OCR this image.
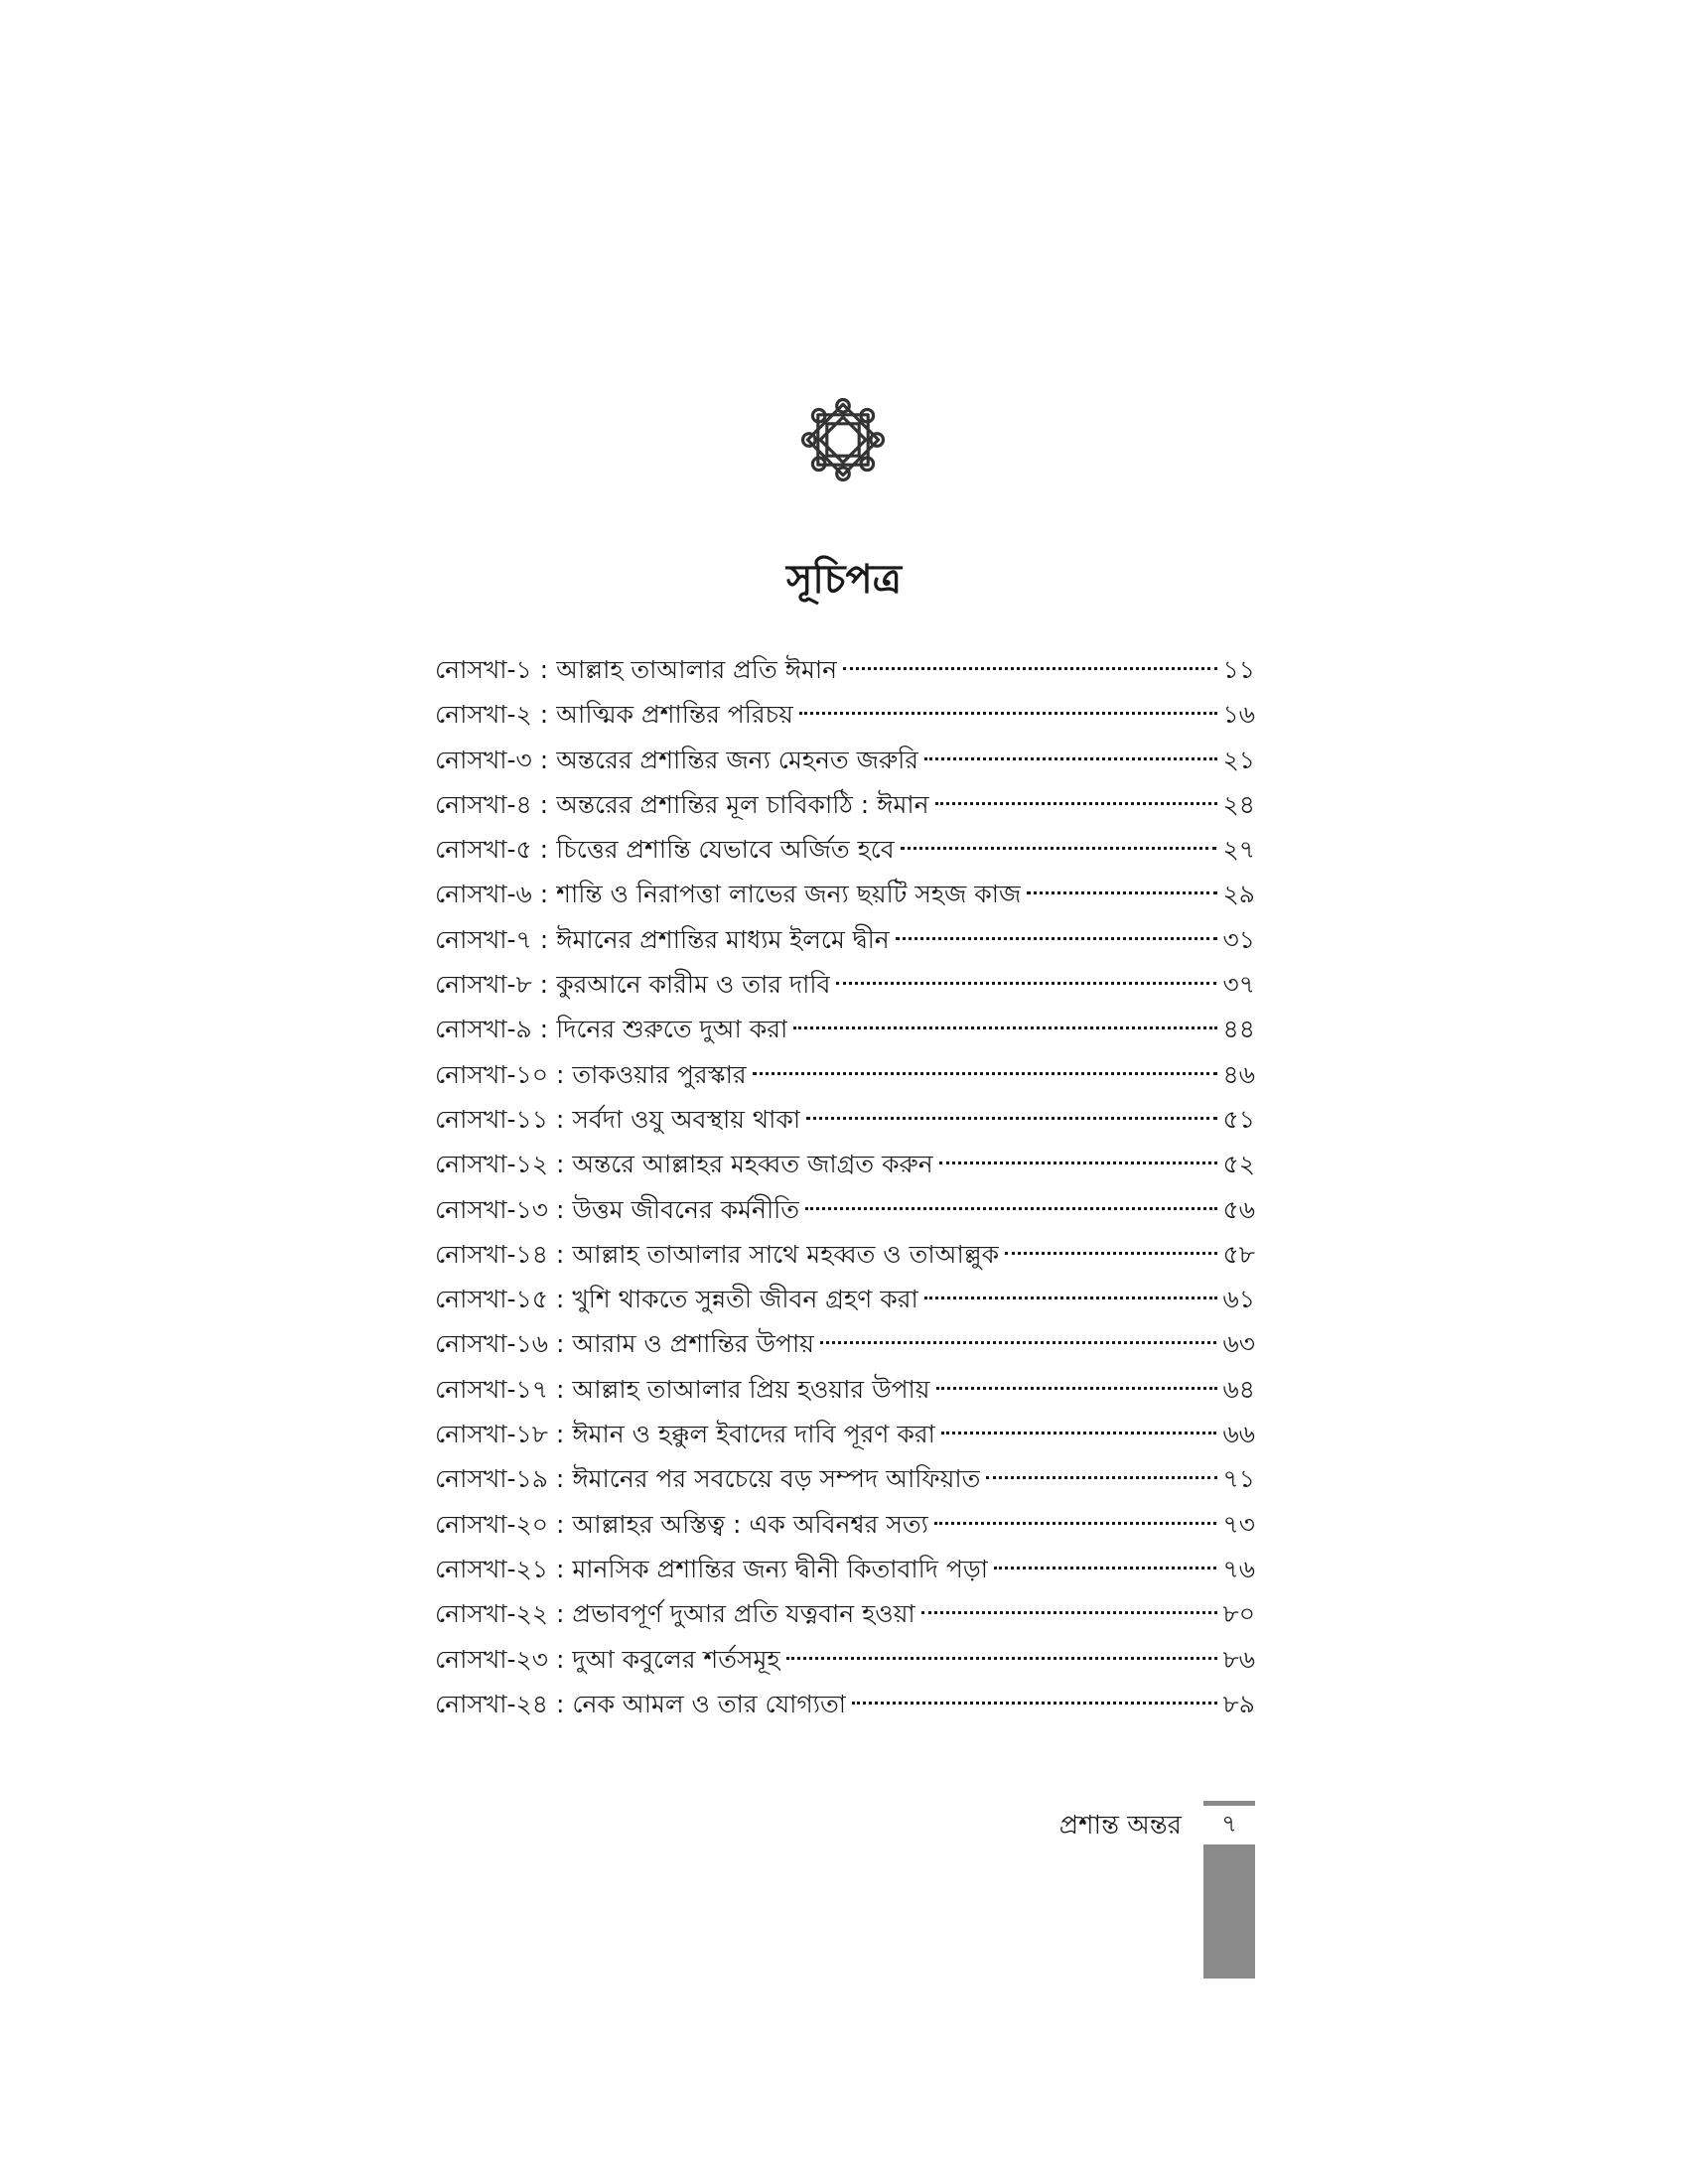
সূচিপত্র
নোসখা-১ : আল্লাহ তাআলার প্রতি ঈমান	১১
নোসখা-২ : আত্মিক প্রশান্তির পরিচয়	১৬
নোসখা-৩ : অন্তরের প্রশান্তির জন্য মেহনত জরুরি	২১
নোসখা-৪ : অন্তরের প্রশান্তির মূল চাবিকাঠি : ঈমান	২৪
নোসখা-৫ : চিত্তের প্রশান্তি যেভাবে অর্জিত হবে	২৭
নোসখা-৬ : শান্তি ও নিরাপত্তা লাভের জন্য ছয়টি সহজ কাজ	২৯
নোসখা-৭ : ঈমানের প্রশান্তির মাধ্যম ইলমে দ্বীন	৩১
নোসখা-৮ : কুরআনে কারীম ও তার দাবি	৩৭
নোসখা-৯ : দিনের শুরুতে দুআ করা	৪৪
নোসখা-১০ : তাকওয়ার পুরস্কার	৪৬
নোসখা-১১ : সর্বদা ওযু অবস্থায় থাকা	৫১
নোসখা-১২ : অন্তরে আল্লাহর মহব্বত জাগ্রত করুন	৫২
নোসখা-১৩ : উত্তম জীবনের কর্মনীতি	৫৬
নোসখা-১৪ : আল্লাহ তাআলার সাথে মহব্বত ও তাআল্লুক	৫৮
নোসখা-১৫ : খুশি থাকতে সুন্নতী জীবন গ্রহণ করা	৬১
নোসখা-১৬ : আরাম ও প্রশান্তির উপায়	৬৩
নোসখা-১৭ : আল্লাহ তাআলার প্রিয় হওয়ার উপায়	৬৪
নোসখা-১৮ : ঈমান ও হক্কুল ইবাদের দাবি পূরণ করা	৬৬
নোসখা-১৯ : ঈমানের পর সবচেয়ে বড় সম্পদ আফিয়াত	৭১
নোসখা-২০ : আল্লাহর অস্তিত্ব : এক অবিনশ্বর সত্য	৭৩
নোসখা-২১ : মানসিক প্রশান্তির জন্য দ্বীনী কিতাবাদি পড়া	৭৬
নোসখা-২২ : প্রভাবপূর্ণ দুআর প্রতি যত্নবান হওয়া	৮০
নোসখা-২৩ : দুআ কবুলের শর্তসমূহ	৮৬
নোসখা-২৪ : নেক আমল ও তার যোগ্যতা	৮৯
প্রশান্ত অন্তর	৭
